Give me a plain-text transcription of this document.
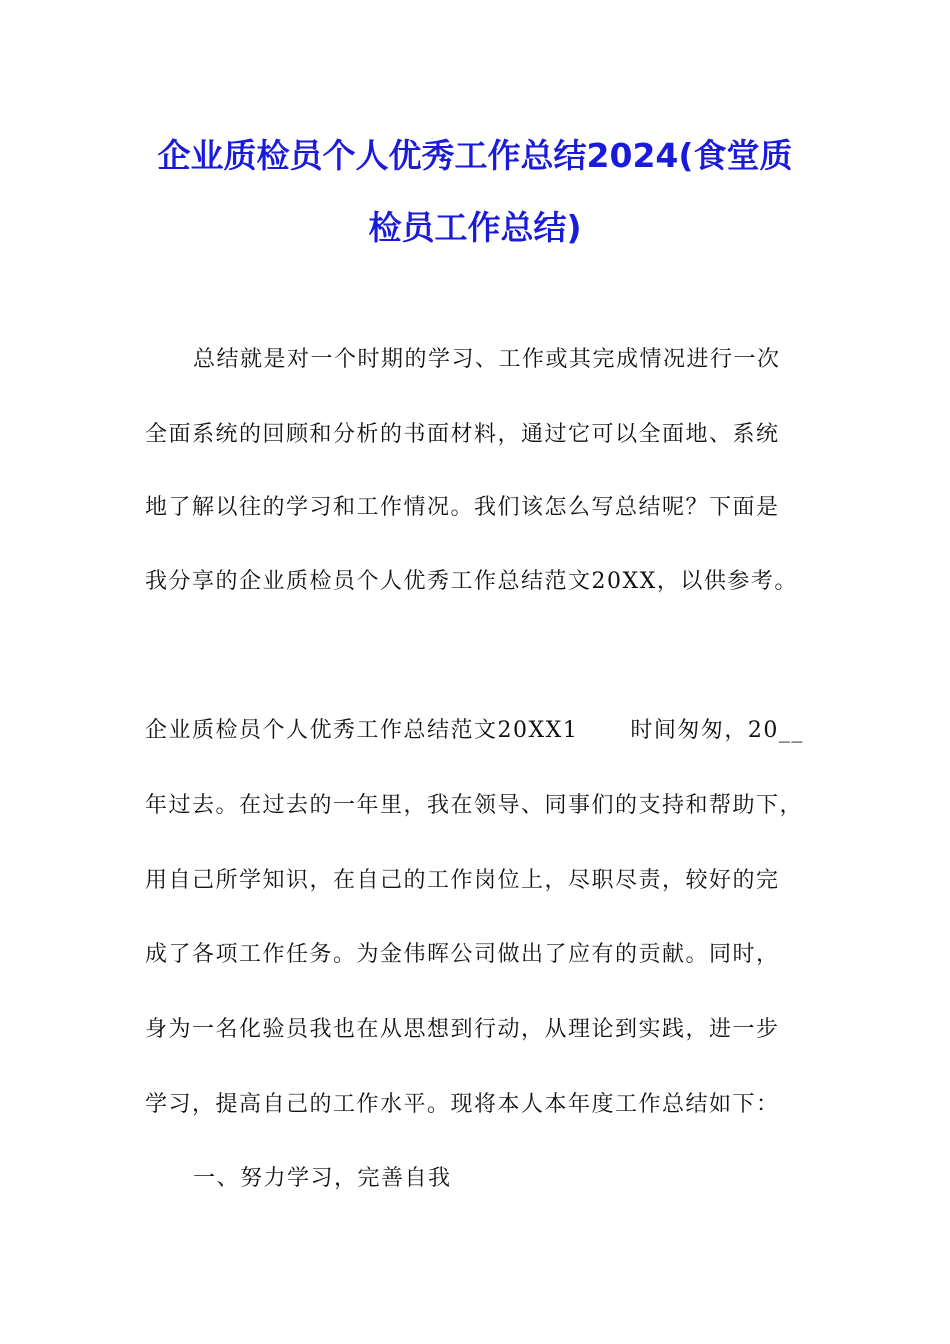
企业质检员个人优秀工作总结2024(食堂质
检员工作总结)
总结就是对一个时期的学习、工作或其完成情况进行一次
全面系统的回顾和分析的书面材料，通过它可以全面地、系统
地了解以往的学习和工作情况。我们该怎么写总结呢？下面是
我分享的企业质检员个人优秀工作总结范文20XX，以供参考。
企业质检员个人优秀工作总结范文20XX1 时间匆匆，20__
年过去。在过去的一年里，我在领导、同事们的支持和帮助下，
用自己所学知识，在自己的工作岗位上，尽职尽责，较好的完
成了各项工作任务。为金伟晖公司做出了应有的贡献。同时，
身为一名化验员我也在从思想到行动，从理论到实践，进一步
学习，提高自己的工作水平。现将本人本年度工作总结如下：
一、努力学习，完善自我
